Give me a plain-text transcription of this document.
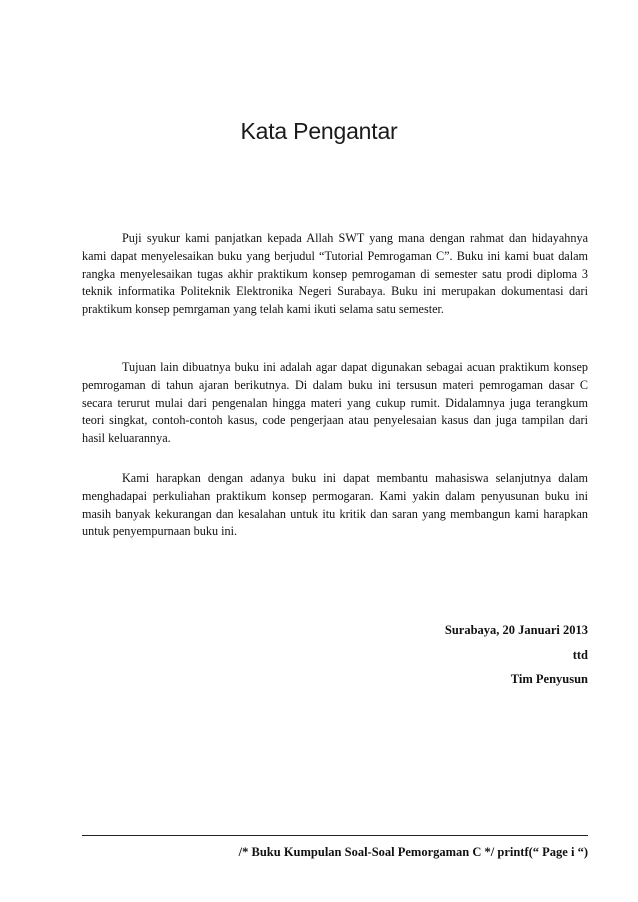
Kata Pengantar

Puji syukur kami panjatkan kepada Allah SWT yang mana dengan rahmat dan hidayahnya kami dapat menyelesaikan buku yang berjudul “Tutorial Pemrogaman C”. Buku ini kami buat dalam rangka menyelesaikan tugas akhir praktikum konsep pemrogaman di semester satu prodi diploma 3 teknik informatika Politeknik Elektronika Negeri Surabaya. Buku ini merupakan dokumentasi dari praktikum konsep pemrgaman yang telah kami ikuti selama satu semester.

Tujuan lain dibuatnya buku ini adalah agar dapat digunakan sebagai acuan praktikum konsep pemrogaman di tahun ajaran berikutnya. Di dalam buku ini tersusun materi pemrogaman dasar C secara terurut mulai dari pengenalan hingga materi yang cukup rumit. Didalamnya juga terangkum teori singkat, contoh-contoh kasus, code pengerjaan atau penyelesaian kasus dan juga tampilan dari hasil keluarannya.

Kami harapkan dengan adanya buku ini dapat membantu mahasiswa selanjutnya dalam menghadapai perkuliahan praktikum konsep permogaran. Kami yakin dalam penyusunan buku ini masih banyak kekurangan dan kesalahan untuk itu kritik dan saran yang membangun kami harapkan untuk penyempurnaan buku ini.

Surabaya, 20 Januari 2013
ttd
Tim Penyusun
/* Buku Kumpulan Soal-Soal Pemorgaman C */ printf(“ Page i “)
